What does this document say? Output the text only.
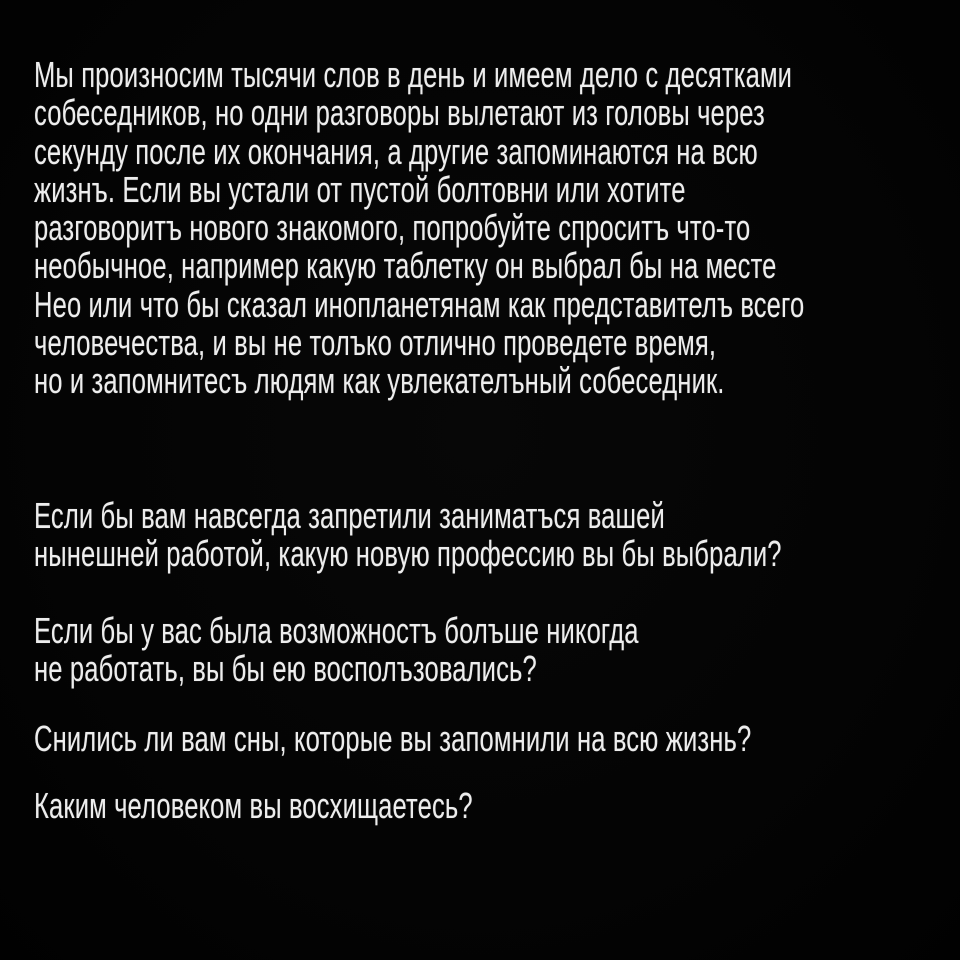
Мы произносим тысячи слов в день и имеем дело с десятками
собеседников, но одни разговоры вылетают из головы через
секунду после их окончания, а другие запоминаются на всю
жизнъ. Если вы устали от пустой болтовни или хотите
разговоритъ нового знакомого, попробуйте спроситъ что-то
необычное, например какую таблетку он выбрал бы на месте
Нео или что бы сказал инопланетянам как представителъ всего
человечества, и вы не толъко отлично проведете время,
но и запомнитесъ людям как увлекателъный собеседник.
Если бы вам навсегда запретили заниматъся вашей
нынешней работой, какую новую профессию вы бы выбрали?
Если бы у вас была возможностъ болъше никогда
не работать, вы бы ею восполъзовались?
Снились ли вам сны, которые вы запомнили на всю жизнь?
Каким человеком вы восхищаетесь?
